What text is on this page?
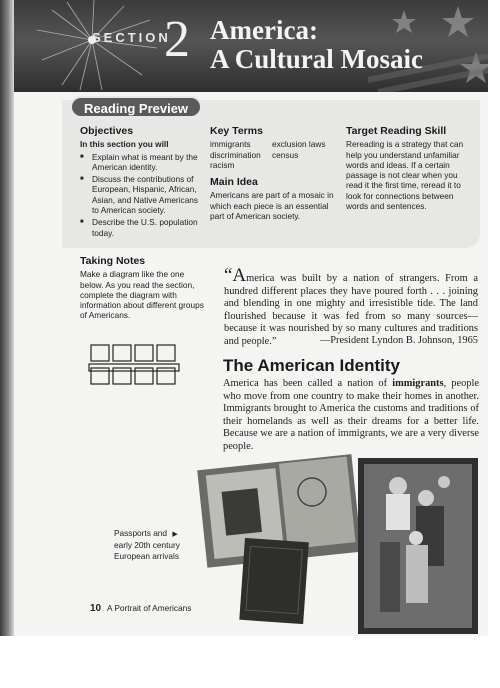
SECTION
2 America:
A Cultural Mosaic
Reading Preview
Objectives
In this section you will
■ Explain what is meant by the American identity.
■ Discuss the contributions of European, Hispanic, African, Asian, and Native Americans to American society.
■ Describe the U.S. population today.
Taking Notes
Make a diagram like the one below. As you read the section, complete the diagram with information about different groups of Americans.
Key Terms
immigrants	exclusion laws
discrimination	census
racism
Main Idea
Americans are part of a mosaic in which each piece is an essential part of American society.
Target Reading Skill
Rereading is a strategy that can help you understand unfamiliar words and ideas. If a certain passage is not clear when you read it the first time, reread it to look for connections between words and sentences.
“America was built by a nation of strangers. From a hundred different places they have poured forth . . . joining and blending in one mighty and irresistible tide. The land flourished because it was fed from so many sources—because it was nourished by so many cultures and traditions and people.”	—President Lyndon B. Johnson, 1965
The American Identity
America has been called a nation of immigrants, people who move from one country to make their homes in another. Immigrants brought to America the customs and traditions of their homelands as well as their dreams for a better life. Because we are a nation of immigrants, we are a very diverse people.
Passports and ▶
early 20th century European arrivals
10 A Portrait of Americans
